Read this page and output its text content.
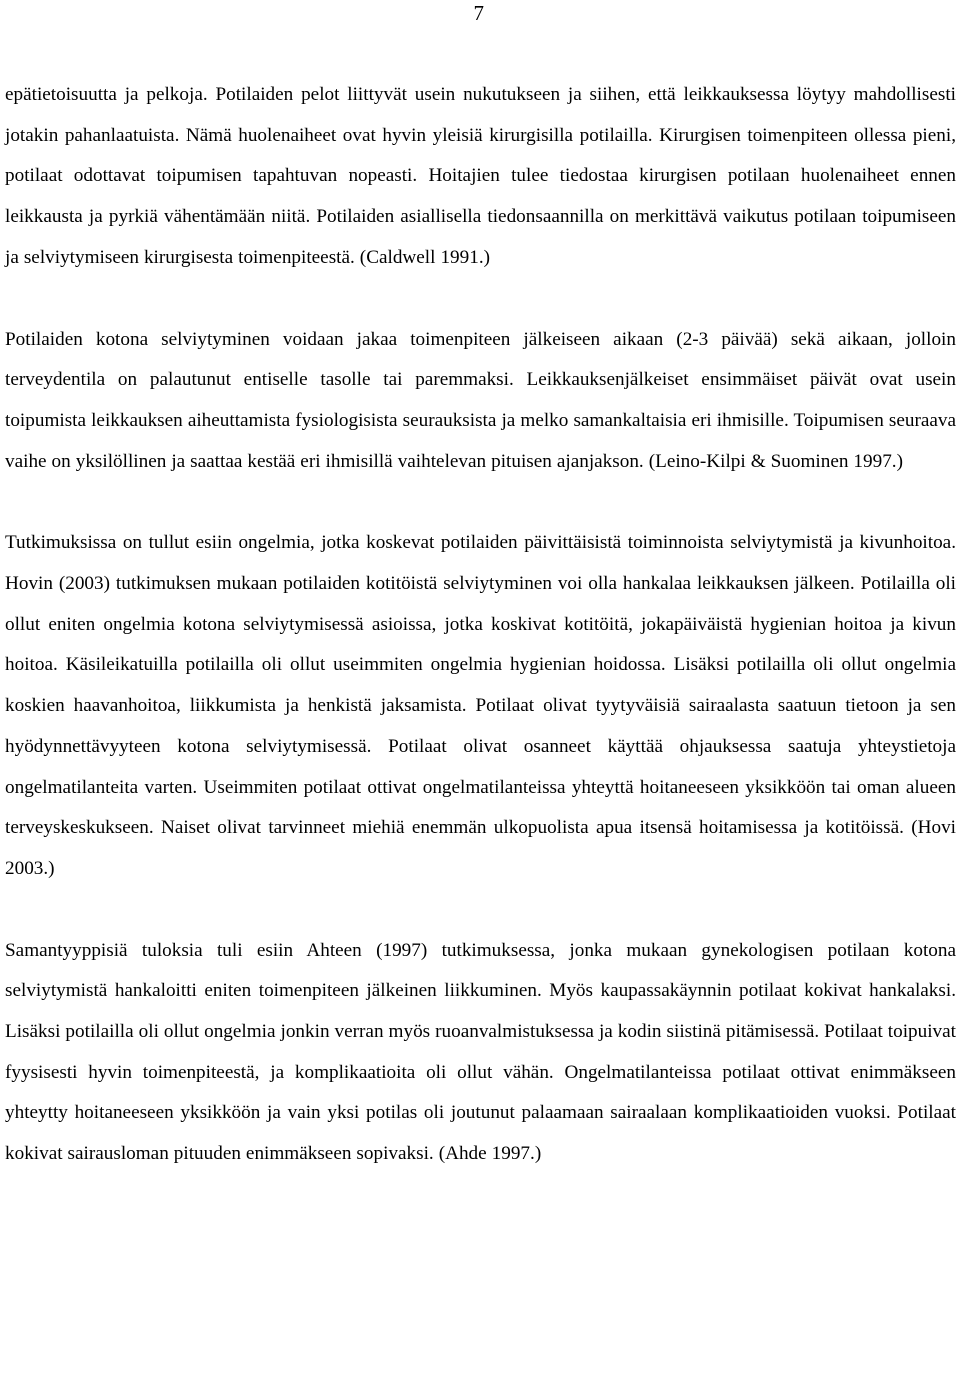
7

epätietoisuutta ja pelkoja. Potilaiden pelot liittyvät usein nukutukseen ja siihen, että leikkauksessa löytyy mahdollisesti jotakin pahanlaatuista. Nämä huolenaiheet ovat hyvin yleisiä kirurgisilla potilailla. Kirurgisen toimenpiteen ollessa pieni, potilaat odottavat toipumisen tapahtuvan nopeasti. Hoitajien tulee tiedostaa kirurgisen potilaan huolenaiheet ennen leikkausta ja pyrkiä vähentämään niitä. Potilaiden asiallisella tiedonsaannilla on merkittävä vaikutus potilaan toipumiseen ja selviytymiseen kirurgisesta toimenpiteestä. (Caldwell 1991.)

Potilaiden kotona selviytyminen voidaan jakaa toimenpiteen jälkeiseen aikaan (2-3 päivää) sekä aikaan, jolloin terveydentila on palautunut entiselle tasolle tai paremmaksi. Leikkauksenjälkeiset ensimmäiset päivät ovat usein toipumista leikkauksen aiheuttamista fysiologisista seurauksista ja melko samankaltaisia eri ihmisille. Toipumisen seuraava vaihe on yksilöllinen ja saattaa kestää eri ihmisillä vaihtelevan pituisen ajanjakson. (Leino-Kilpi & Suominen 1997.)

Tutkimuksissa on tullut esiin ongelmia, jotka koskevat potilaiden päivittäisistä toiminnoista selviytymistä ja kivunhoitoa. Hovin (2003) tutkimuksen mukaan potilaiden kotitöistä selviytyminen voi olla hankalaa leikkauksen jälkeen. Potilailla oli ollut eniten ongelmia kotona selviytymisessä asioissa, jotka koskivat kotitöitä, jokapäiväistä hygienian hoitoa ja kivun hoitoa. Käsileikatuilla potilailla oli ollut useimmiten ongelmia hygienian hoidossa. Lisäksi potilailla oli ollut ongelmia koskien haavanhoitoa, liikkumista ja henkistä jaksamista. Potilaat olivat tyytyväisiä sairaalasta saatuun tietoon ja sen hyödynnettävyyteen kotona selviytymisessä. Potilaat olivat osanneet käyttää ohjauksessa saatuja yhteystietoja ongelmatilanteita varten. Useimmiten potilaat ottivat ongelmatilanteissa yhteyttä hoitaneeseen yksikköön tai oman alueen terveyskeskukseen. Naiset olivat tarvinneet miehiä enemmän ulkopuolista apua itsensä hoitamisessa ja kotitöissä. (Hovi 2003.)

Samantyyppisiä tuloksia tuli esiin Ahteen (1997) tutkimuksessa, jonka mukaan gynekologisen potilaan kotona selviytymistä hankaloitti eniten toimenpiteen jälkeinen liikkuminen. Myös kaupassakäynnin potilaat kokivat hankalaksi. Lisäksi potilailla oli ollut ongelmia jonkin verran myös ruoanvalmistuksessa ja kodin siistinä pitämisessä. Potilaat toipuivat fyysisesti hyvin toimenpiteestä, ja komplikaatioita oli ollut vähän. Ongelmatilanteissa potilaat ottivat enimmäkseen yhteytty hoitaneeseen yksikköön ja vain yksi potilas oli joutunut palaamaan sairaalaan komplikaatioiden vuoksi. Potilaat kokivat sairausloman pituuden enimmäkseen sopivaksi. (Ahde 1997.)
